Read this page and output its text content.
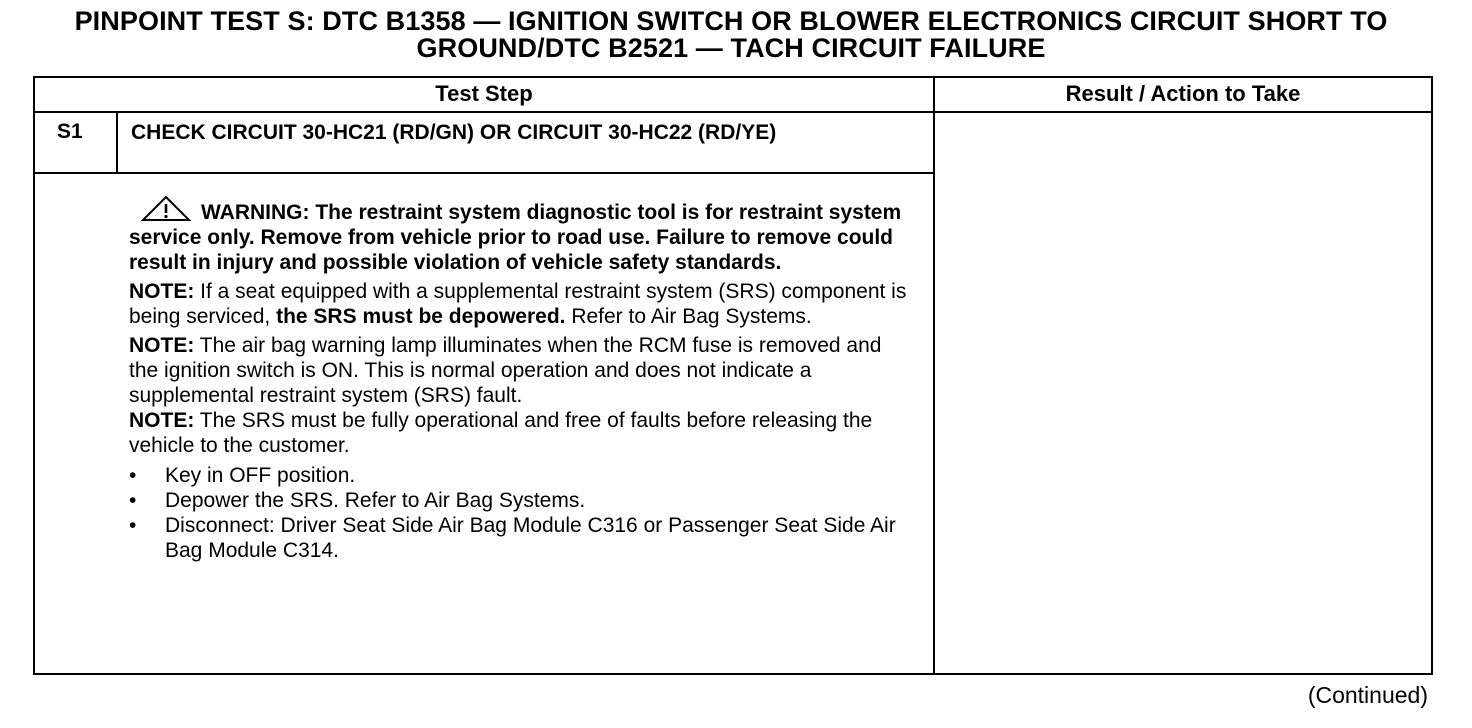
PINPOINT TEST S: DTC B1358 — IGNITION SWITCH OR BLOWER ELECTRONICS CIRCUIT SHORT TO
GROUND/DTC B2521 — TACH CIRCUIT FAILURE
Test Step	Result / Action to Take
S1 CHECK CIRCUIT 30-HC21 (RD/GN) OR CIRCUIT 30-HC22 (RD/YE)
WARNING: The restraint system diagnostic tool is for restraint system service only. Remove from vehicle prior to road use. Failure to remove could result in injury and possible violation of vehicle safety standards.
NOTE: If a seat equipped with a supplemental restraint system (SRS) component is being serviced, the SRS must be depowered. Refer to Air Bag Systems.
NOTE: The air bag warning lamp illuminates when the RCM fuse is removed and the ignition switch is ON. This is normal operation and does not indicate a supplemental restraint system (SRS) fault.
NOTE: The SRS must be fully operational and free of faults before releasing the vehicle to the customer.
• Key in OFF position.
• Depower the SRS. Refer to Air Bag Systems.
• Disconnect: Driver Seat Side Air Bag Module C316 or Passenger Seat Side Air Bag Module C314.
(Continued)
